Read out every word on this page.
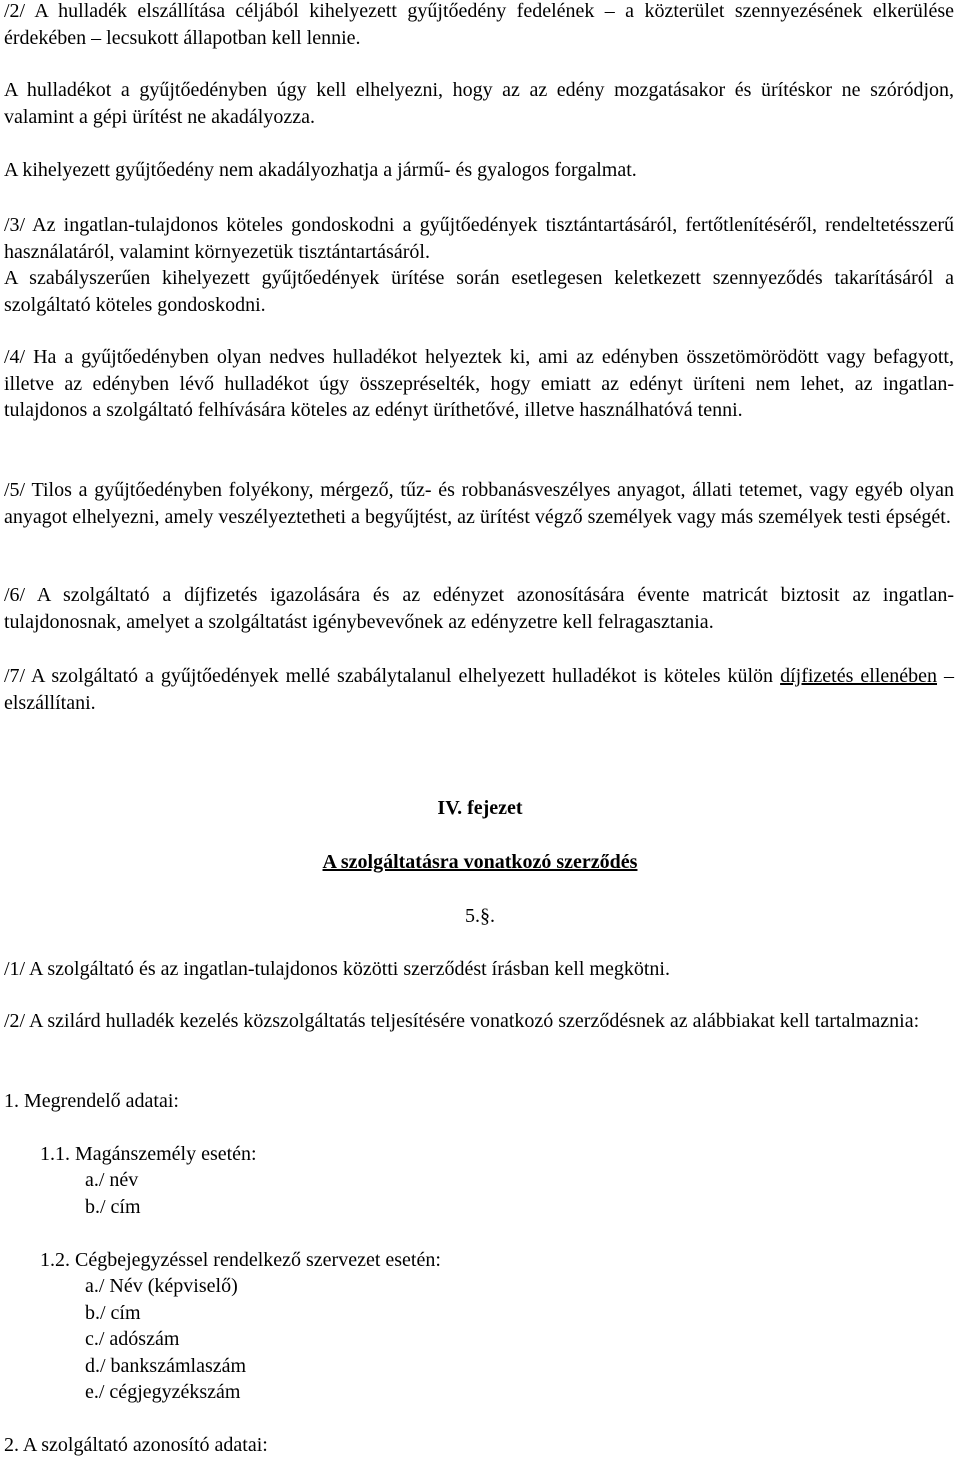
/2/ A hulladék elszállítása céljából kihelyezett gyűjtőedény fedelének – a közterület szennyezésének elkerülése érdekében – lecsukott állapotban kell lennie.

A hulladékot a gyűjtőedényben úgy kell elhelyezni, hogy az az edény mozgatásakor és ürítéskor ne szóródjon, valamint a gépi ürítést ne akadályozza.

A kihelyezett gyűjtőedény nem akadályozhatja a jármű- és gyalogos forgalmat.

/3/ Az ingatlan-tulajdonos köteles gondoskodni a gyűjtőedények tisztántartásáról, fertőtlenítéséről, rendeltetésszerű használatáról, valamint környezetük tisztántartásáról.

A szabályszerűen kihelyezett gyűjtőedények ürítése során esetlegesen keletkezett szennyeződés takarításáról a szolgáltató köteles gondoskodni.

/4/ Ha a gyűjtőedényben olyan nedves hulladékot helyeztek ki, ami az edényben összetömörödött vagy befagyott, illetve az edényben lévő hulladékot úgy összepréselték, hogy emiatt az edényt üríteni nem lehet, az ingatlan-tulajdonos a szolgáltató felhívására köteles az edényt üríthetővé, illetve használhatóvá tenni.

/5/ Tilos a gyűjtőedényben folyékony, mérgező, tűz- és robbanásveszélyes anyagot, állati tetemet, vagy egyéb olyan anyagot elhelyezni, amely veszélyeztetheti a begyűjtést, az ürítést végző személyek vagy más személyek testi épségét.

/6/ A szolgáltató a díjfizetés igazolására és az edényzet azonosítására évente matricát biztosit az ingatlan-tulajdonosnak, amelyet a szolgáltatást igénybevevőnek az edényzetre kell felragasztania.

/7/ A szolgáltató a gyűjtőedények mellé szabálytalanul elhelyezett hulladékot is köteles külön díjfizetés ellenében – elszállítani.

IV. fejezet
A szolgáltatásra vonatkozó szerződés
5.§.

/1/ A szolgáltató és az ingatlan-tulajdonos közötti szerződést írásban kell megkötni.

/2/ A szilárd hulladék kezelés közszolgáltatás teljesítésére vonatkozó szerződésnek az alábbiakat kell tartalmaznia:

1. Megrendelő adatai:

1.1. Magánszemély esetén:

a./ név

b./ cím

1.2. Cégbejegyzéssel rendelkező szervezet esetén:

a./ Név (képviselő)

b./ cím

c./ adószám

d./ bankszámlaszám

e./ cégjegyzékszám

2. A szolgáltató azonosító adatai:
